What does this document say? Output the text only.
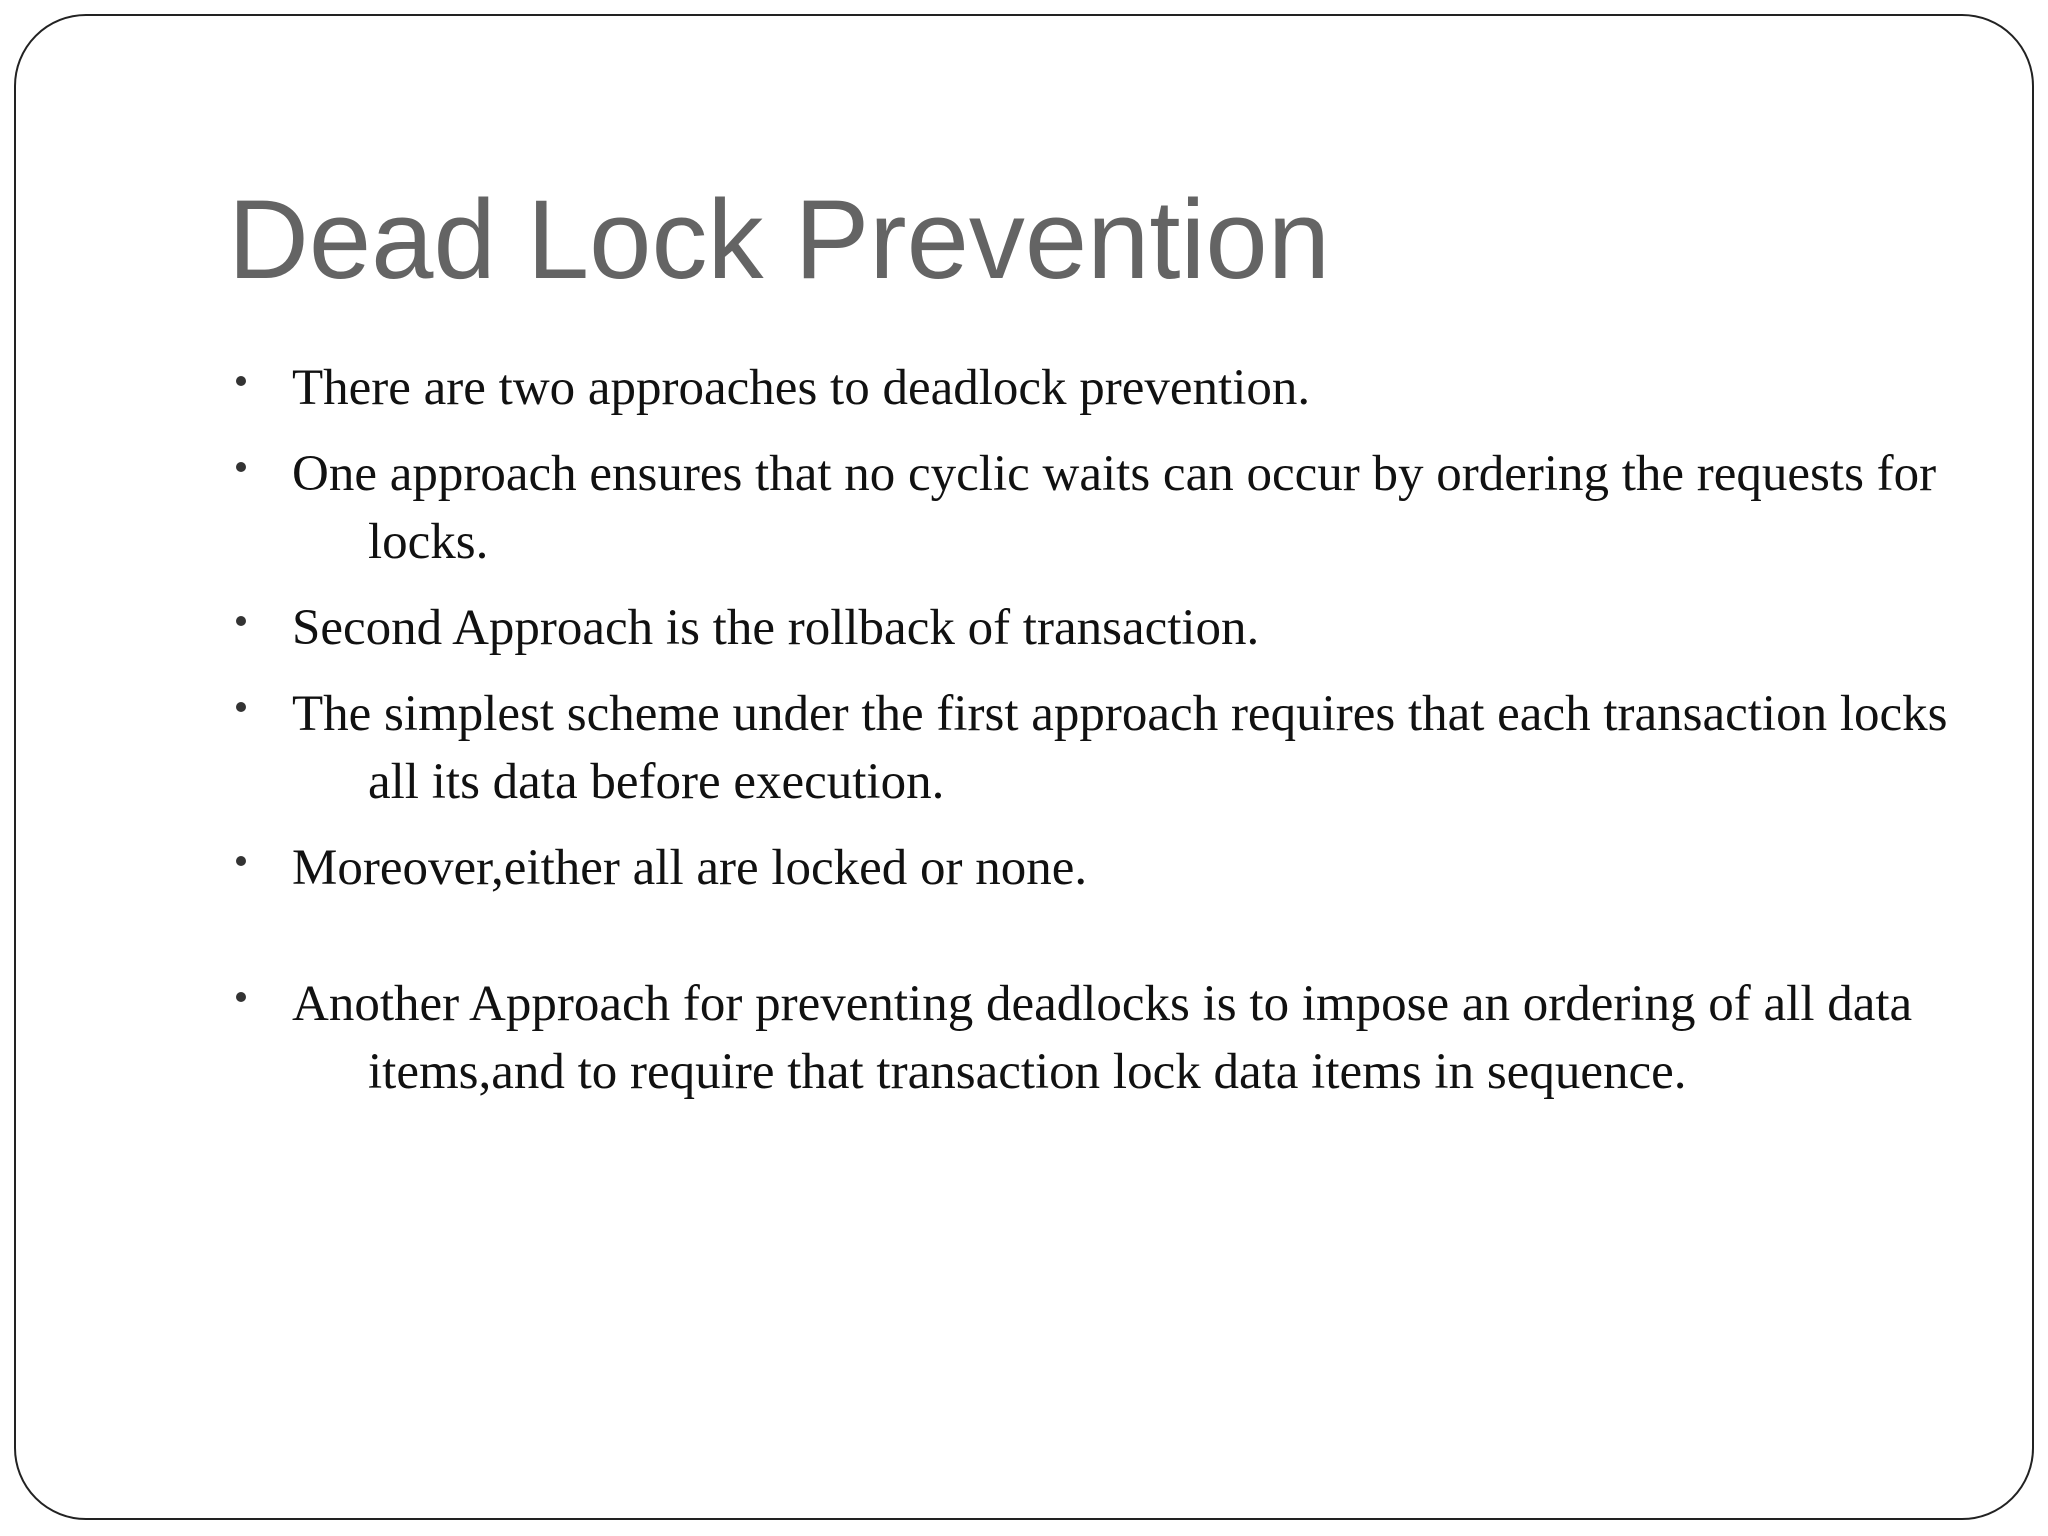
Dead Lock Prevention
There are two approaches to deadlock prevention.
One approach ensures that no cyclic waits can occur by ordering the requests for locks.
Second Approach is the rollback of transaction.
The simplest scheme under the first approach requires that each transaction locks all its data before execution.
Moreover,either all are locked or none.
Another Approach for preventing deadlocks is to impose an ordering of all data items,and to require that transaction lock data items in sequence.
